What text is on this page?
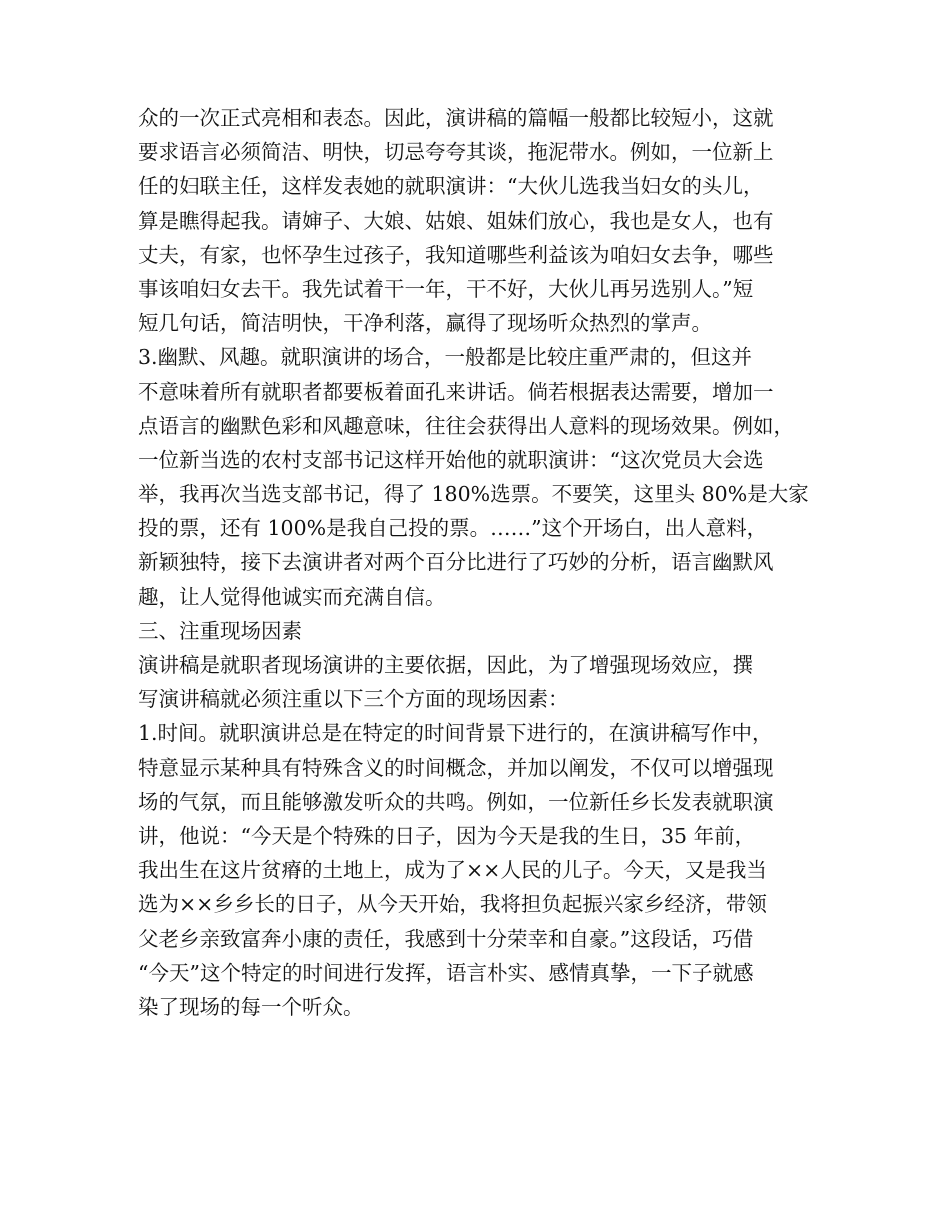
众的一次正式亮相和表态。因此，演讲稿的篇幅一般都比较短小，这就
要求语言必须简洁、明快，切忌夸夸其谈，拖泥带水。例如，一位新上
任的妇联主任，这样发表她的就职演讲：“大伙儿选我当妇女的头儿，
算是瞧得起我。请婶子、大娘、姑娘、姐妹们放心，我也是女人，也有
丈夫，有家，也怀孕生过孩子，我知道哪些利益该为咱妇女去争，哪些
事该咱妇女去干。我先试着干一年，干不好，大伙儿再另选别人。”短
短几句话，简洁明快，干净利落，赢得了现场听众热烈的掌声。
3.幽默、风趣。就职演讲的场合，一般都是比较庄重严肃的，但这并
不意味着所有就职者都要板着面孔来讲话。倘若根据表达需要，增加一
点语言的幽默色彩和风趣意味，往往会获得出人意料的现场效果。例如，
一位新当选的农村支部书记这样开始他的就职演讲：“这次党员大会选
举，我再次当选支部书记，得了 180%选票。不要笑，这里头 80%是大家
投的票，还有 100%是我自己投的票。……”这个开场白，出人意料，
新颖独特，接下去演讲者对两个百分比进行了巧妙的分析，语言幽默风
趣，让人觉得他诚实而充满自信。
三、注重现场因素
演讲稿是就职者现场演讲的主要依据，因此，为了增强现场效应，撰
写演讲稿就必须注重以下三个方面的现场因素：
1.时间。就职演讲总是在特定的时间背景下进行的，在演讲稿写作中，
特意显示某种具有特殊含义的时间概念，并加以阐发，不仅可以增强现
场的气氛，而且能够激发听众的共鸣。例如，一位新任乡长发表就职演
讲，他说：“今天是个特殊的日子，因为今天是我的生日，35 年前，
我出生在这片贫瘠的土地上，成为了××人民的儿子。今天，又是我当
选为××乡乡长的日子，从今天开始，我将担负起振兴家乡经济，带领
父老乡亲致富奔小康的责任，我感到十分荣幸和自豪。”这段话，巧借
“今天”这个特定的时间进行发挥，语言朴实、感情真挚，一下子就感
染了现场的每一个听众。
